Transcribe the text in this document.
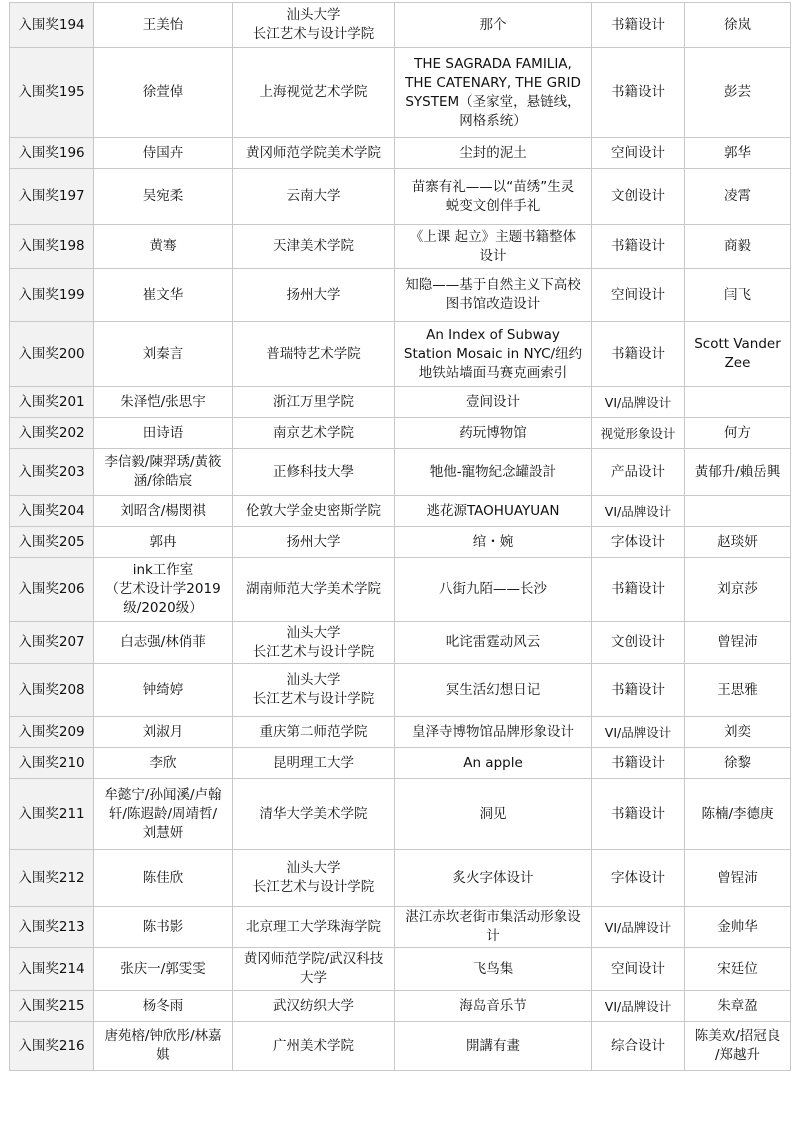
入围奖194	王美怡	汕头大学
长江艺术与设计学院	那个	书籍设计	徐岚
入围奖195	徐萱倬	上海视觉艺术学院	THE SAGRADA FAMILIA,
THE CATENARY, THE GRID
SYSTEM（圣家堂，悬链线，
网格系统）	书籍设计	彭芸
入围奖196	侍国卉	黄冈师范学院美术学院	尘封的泥土	空间设计	郭华
入围奖197	吴宛柔	云南大学	苗寨有礼——以“苗绣”生灵
蜕变文创伴手礼	文创设计	凌霄
入围奖198	黄骞	天津美术学院	《上课 起立》主题书籍整体
设计	书籍设计	商毅
入围奖199	崔文华	扬州大学	知隐——基于自然主义下高校
图书馆改造设计	空间设计	闫飞
入围奖200	刘秦言	普瑞特艺术学院	An Index of Subway
Station Mosaic in NYC/纽约
地铁站墙面马赛克画索引	书籍设计	Scott Vander
Zee
入围奖201	朱泽恺/张思宇	浙江万里学院	壹间设计	VI/品牌设计	
入围奖202	田诗语	南京艺术学院	药玩博物馆	视觉形象设计	何方
入围奖203	李信毅/陳羿琇/黃筱
涵/徐皓宸	正修科技大學	牠他-寵物紀念罐設計	产品设计	黃郁升/賴岳興
入围奖204	刘昭含/楊閔祺	伦敦大学金史密斯学院	逃花源TAOHUAYUAN	VI/品牌设计	
入围奖205	郭冉	扬州大学	绾・婉	字体设计	赵琰妍
入围奖206	ink工作室
（艺术设计学2019
级/2020级）	湖南师范大学美术学院	八街九陌——长沙	书籍设计	刘京莎
入围奖207	白志强/林俏菲	汕头大学
长江艺术与设计学院	叱诧雷霆动风云	文创设计	曾锃沛
入围奖208	钟绮婷	汕头大学
长江艺术与设计学院	冥生活幻想日记	书籍设计	王思雅
入围奖209	刘淑月	重庆第二师范学院	皇泽寺博物馆品牌形象设计	VI/品牌设计	刘奕
入围奖210	李欣	昆明理工大学	An apple	书籍设计	徐黎
入围奖211	牟懿宁/孙闻溪/卢翰
轩/陈遐龄/周靖哲/
刘慧妍	清华大学美术学院	洞见	书籍设计	陈楠/李德庚
入围奖212	陈佳欣	汕头大学
长江艺术与设计学院	炙火字体设计	字体设计	曾锃沛
入围奖213	陈书影	北京理工大学珠海学院	湛江赤坎老街市集活动形象设
计	VI/品牌设计	金帅华
入围奖214	张庆一/郭雯雯	黄冈师范学院/武汉科技
大学	飞鸟集	空间设计	宋廷位
入围奖215	杨冬雨	武汉纺织大学	海岛音乐节	VI/品牌设计	朱章盈
入围奖216	唐苑榕/钟欣彤/林嘉
娸	广州美术学院	開講有畫	综合设计	陈美欢/招冠良
/郑越升
